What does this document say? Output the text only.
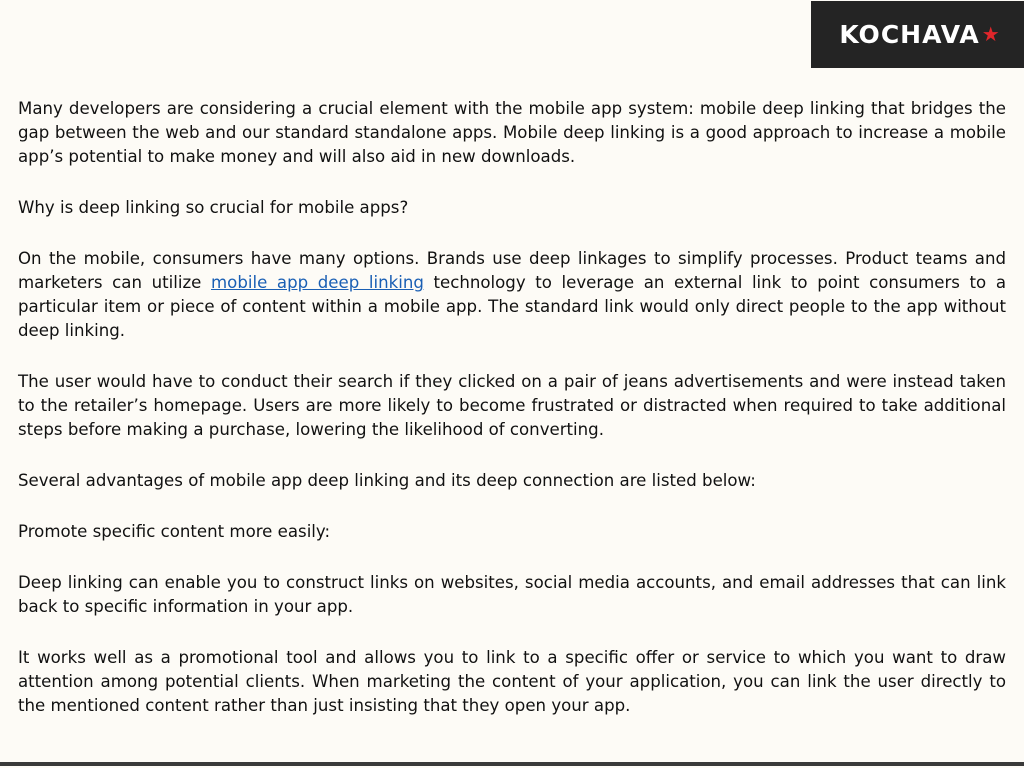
KOCHAVA ★

Many developers are considering a crucial element with the mobile app system: mobile deep linking that bridges the gap between the web and our standard standalone apps. Mobile deep linking is a good approach to increase a mobile app’s potential to make money and will also aid in new downloads.

Why is deep linking so crucial for mobile apps?

On the mobile, consumers have many options. Brands use deep linkages to simplify processes. Product teams and marketers can utilize mobile app deep linking technology to leverage an external link to point consumers to a particular item or piece of content within a mobile app. The standard link would only direct people to the app without deep linking.

The user would have to conduct their search if they clicked on a pair of jeans advertisements and were instead taken to the retailer’s homepage. Users are more likely to become frustrated or distracted when required to take additional steps before making a purchase, lowering the likelihood of converting.

Several advantages of mobile app deep linking and its deep connection are listed below:

Promote specific content more easily:

Deep linking can enable you to construct links on websites, social media accounts, and email addresses that can link back to specific information in your app.

It works well as a promotional tool and allows you to link to a specific offer or service to which you want to draw attention among potential clients. When marketing the content of your application, you can link the user directly to the mentioned content rather than just insisting that they open your app.
